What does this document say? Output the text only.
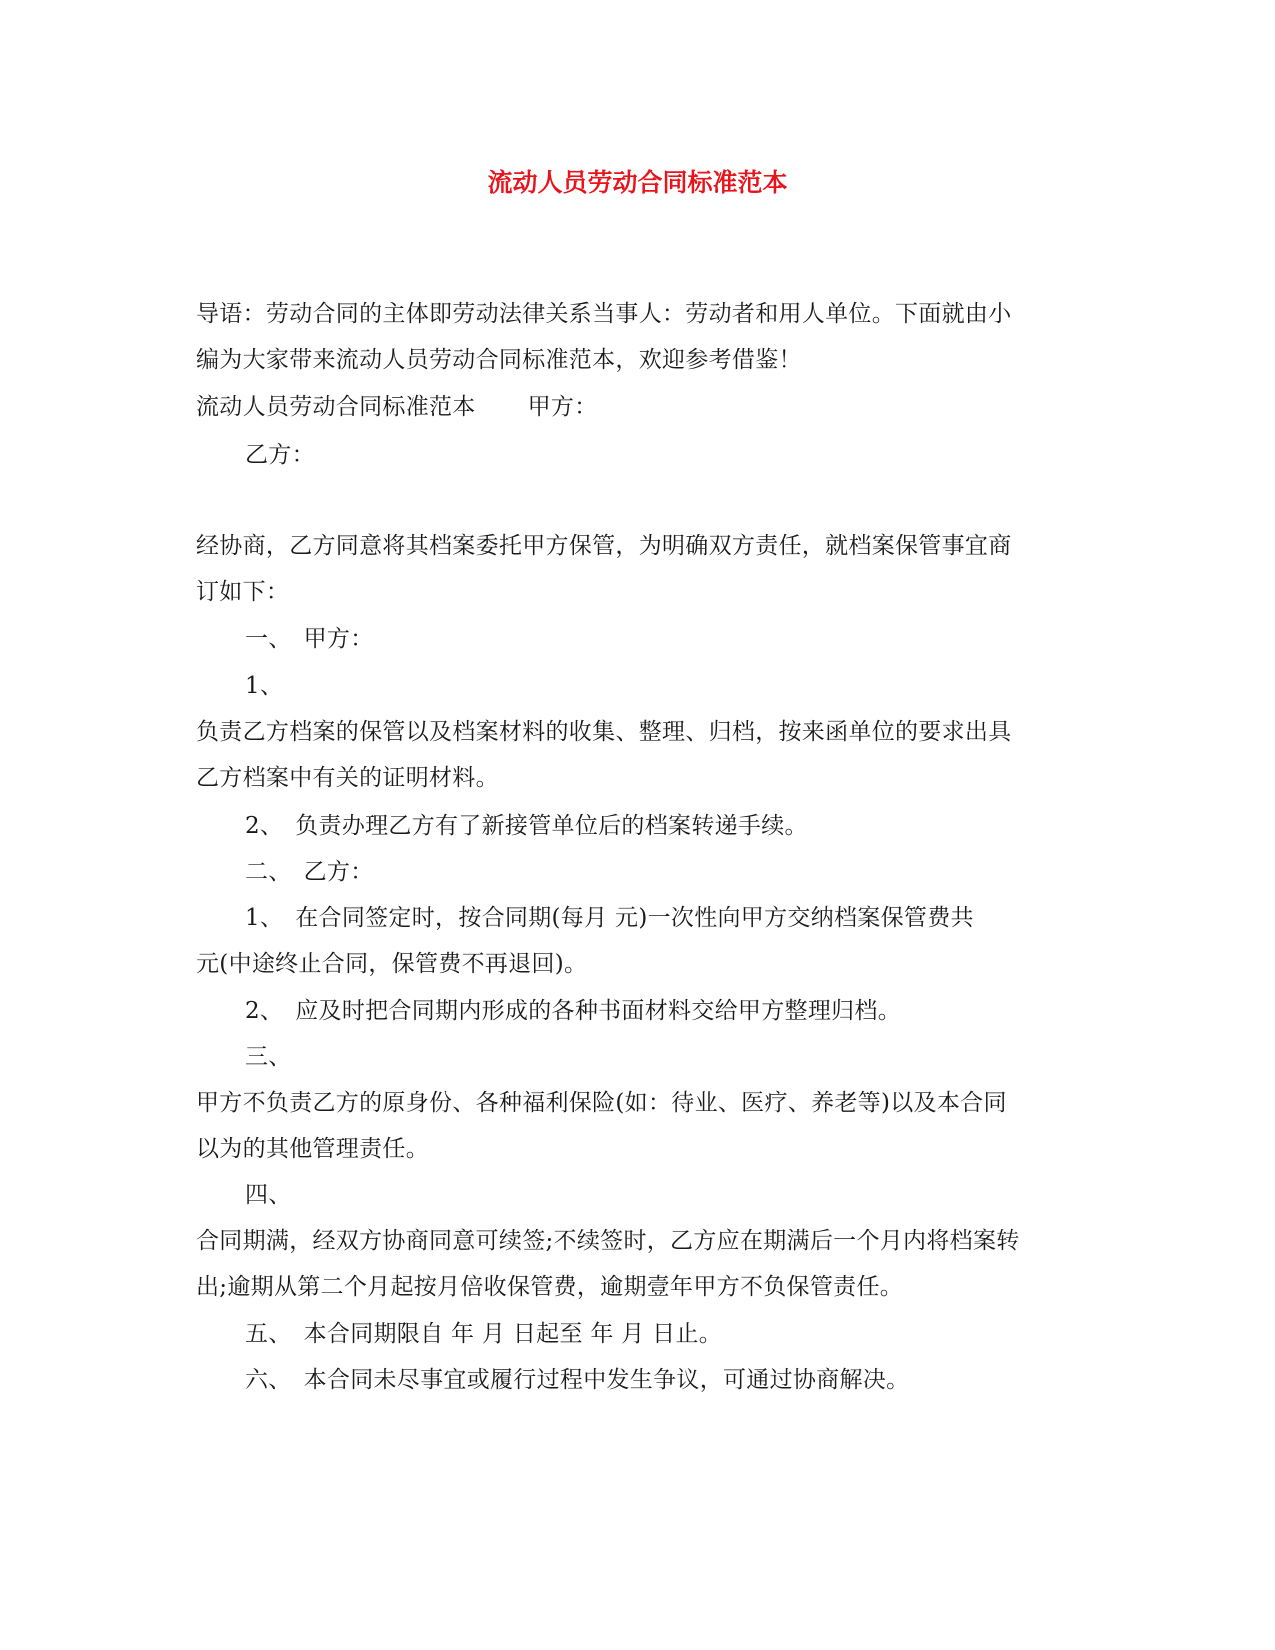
流动人员劳动合同标准范本
导语：劳动合同的主体即劳动法律关系当事人：劳动者和用人单位。下面就由小
编为大家带来流动人员劳动合同标准范本，欢迎参考借鉴！
流动人员劳动合同标准范本 甲方：
乙方：
经协商，乙方同意将其档案委托甲方保管，为明确双方责任，就档案保管事宜商
订如下：
一、 甲方：
1、
负责乙方档案的保管以及档案材料的收集、整理、归档，按来函单位的要求出具
乙方档案中有关的证明材料。
2、 负责办理乙方有了新接管单位后的档案转递手续。
二、 乙方：
1、 在合同签定时，按合同期(每月 元)一次性向甲方交纳档案保管费共
元(中途终止合同，保管费不再退回)。
2、 应及时把合同期内形成的各种书面材料交给甲方整理归档。
三、
甲方不负责乙方的原身份、各种福利保险(如：待业、医疗、养老等)以及本合同
以为的其他管理责任。
四、
合同期满，经双方协商同意可续签;不续签时，乙方应在期满后一个月内将档案转
出;逾期从第二个月起按月倍收保管费，逾期壹年甲方不负保管责任。
五、 本合同期限自 年 月 日起至 年 月 日止。
六、 本合同未尽事宜或履行过程中发生争议，可通过协商解决。
